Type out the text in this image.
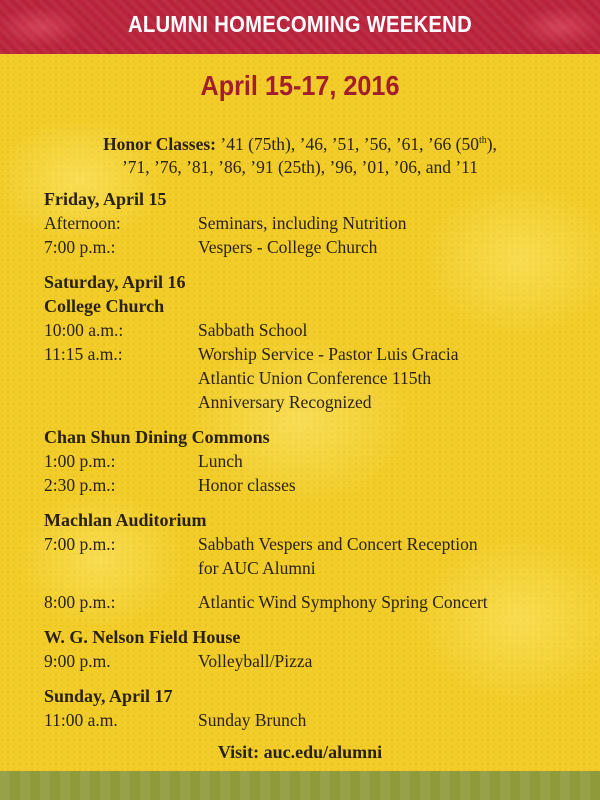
ALUMNI HOMECOMING WEEKEND
April 15-17, 2016
Honor Classes: ’41 (75th), ’46, ’51, ’56, ’61, ’66 (50th),
’71, ’76, ’81, ’86, ’91 (25th), ’96, ’01, ’06, and ’11
Friday, April 15
Afternoon:	Seminars, including Nutrition
7:00 p.m.:	Vespers - College Church
Saturday, April 16
College Church
10:00 a.m.:	Sabbath School
11:15 a.m.:	Worship Service - Pastor Luis Gracia
Atlantic Union Conference 115th
Anniversary Recognized
Chan Shun Dining Commons
1:00 p.m.:	Lunch
2:30 p.m.:	Honor classes
Machlan Auditorium
7:00 p.m.:	Sabbath Vespers and Concert Reception
for AUC Alumni
8:00 p.m.:	Atlantic Wind Symphony Spring Concert
W. G. Nelson Field House
9:00 p.m.	Volleyball/Pizza
Sunday, April 17
11:00 a.m.	Sunday Brunch
Visit: auc.edu/alumni
